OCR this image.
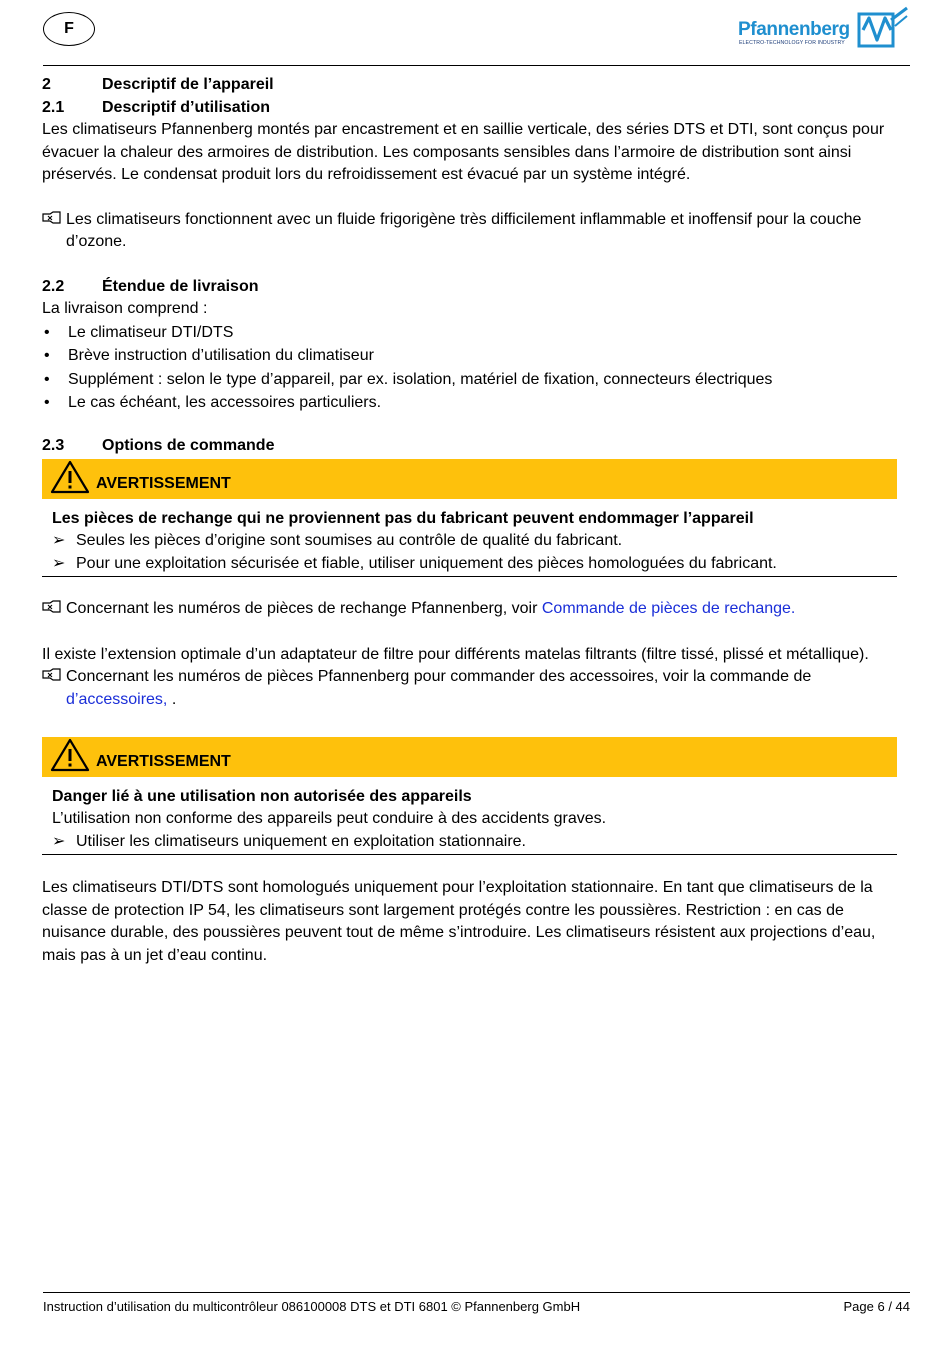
F	Pfannenberg
ELECTRO-TECHNOLOGY FOR INDUSTRY
2	Descriptif de l’appareil
2.1	Descriptif d’utilisation
Les climatiseurs Pfannenberg montés par encastrement et en saillie verticale, des séries DTS et DTI, sont conçus pour évacuer la chaleur des armoires de distribution. Les composants sensibles dans l’armoire de distribution sont ainsi préservés. Le condensat produit lors du refroidissement est évacué par un système intégré.
Les climatiseurs fonctionnent avec un fluide frigorigène très difficilement inflammable et inoffensif pour la couche d’ozone.
2.2	Étendue de livraison
La livraison comprend :
•	Le climatiseur DTI/DTS
•	Brève instruction d’utilisation du climatiseur
•	Supplément : selon le type d’appareil, par ex. isolation, matériel de fixation, connecteurs électriques
•	Le cas échéant, les accessoires particuliers.
2.3	Options de commande
AVERTISSEMENT
Les pièces de rechange qui ne proviennent pas du fabricant peuvent endommager l’appareil
➢ Seules les pièces d’origine sont soumises au contrôle de qualité du fabricant.
➢ Pour une exploitation sécurisée et fiable, utiliser uniquement des pièces homologuées du fabricant.
Concernant les numéros de pièces de rechange Pfannenberg, voir Commande de pièces de rechange.
Il existe l’extension optimale d’un adaptateur de filtre pour différents matelas filtrants (filtre tissé, plissé et métallique).
Concernant les numéros de pièces Pfannenberg pour commander des accessoires, voir la commande de d’accessoires, .
AVERTISSEMENT
Danger lié à une utilisation non autorisée des appareils
L’utilisation non conforme des appareils peut conduire à des accidents graves.
➢ Utiliser les climatiseurs uniquement en exploitation stationnaire.
Les climatiseurs DTI/DTS sont homologués uniquement pour l’exploitation stationnaire. En tant que climatiseurs de la classe de protection IP 54, les climatiseurs sont largement protégés contre les poussières. Restriction : en cas de nuisance durable, des poussières peuvent tout de même s’introduire. Les climatiseurs résistent aux projections d’eau, mais pas à un jet d’eau continu.
Instruction d’utilisation du multicontrôleur 086100008 DTS et DTI 6801 © Pfannenberg GmbH	Page 6 / 44
